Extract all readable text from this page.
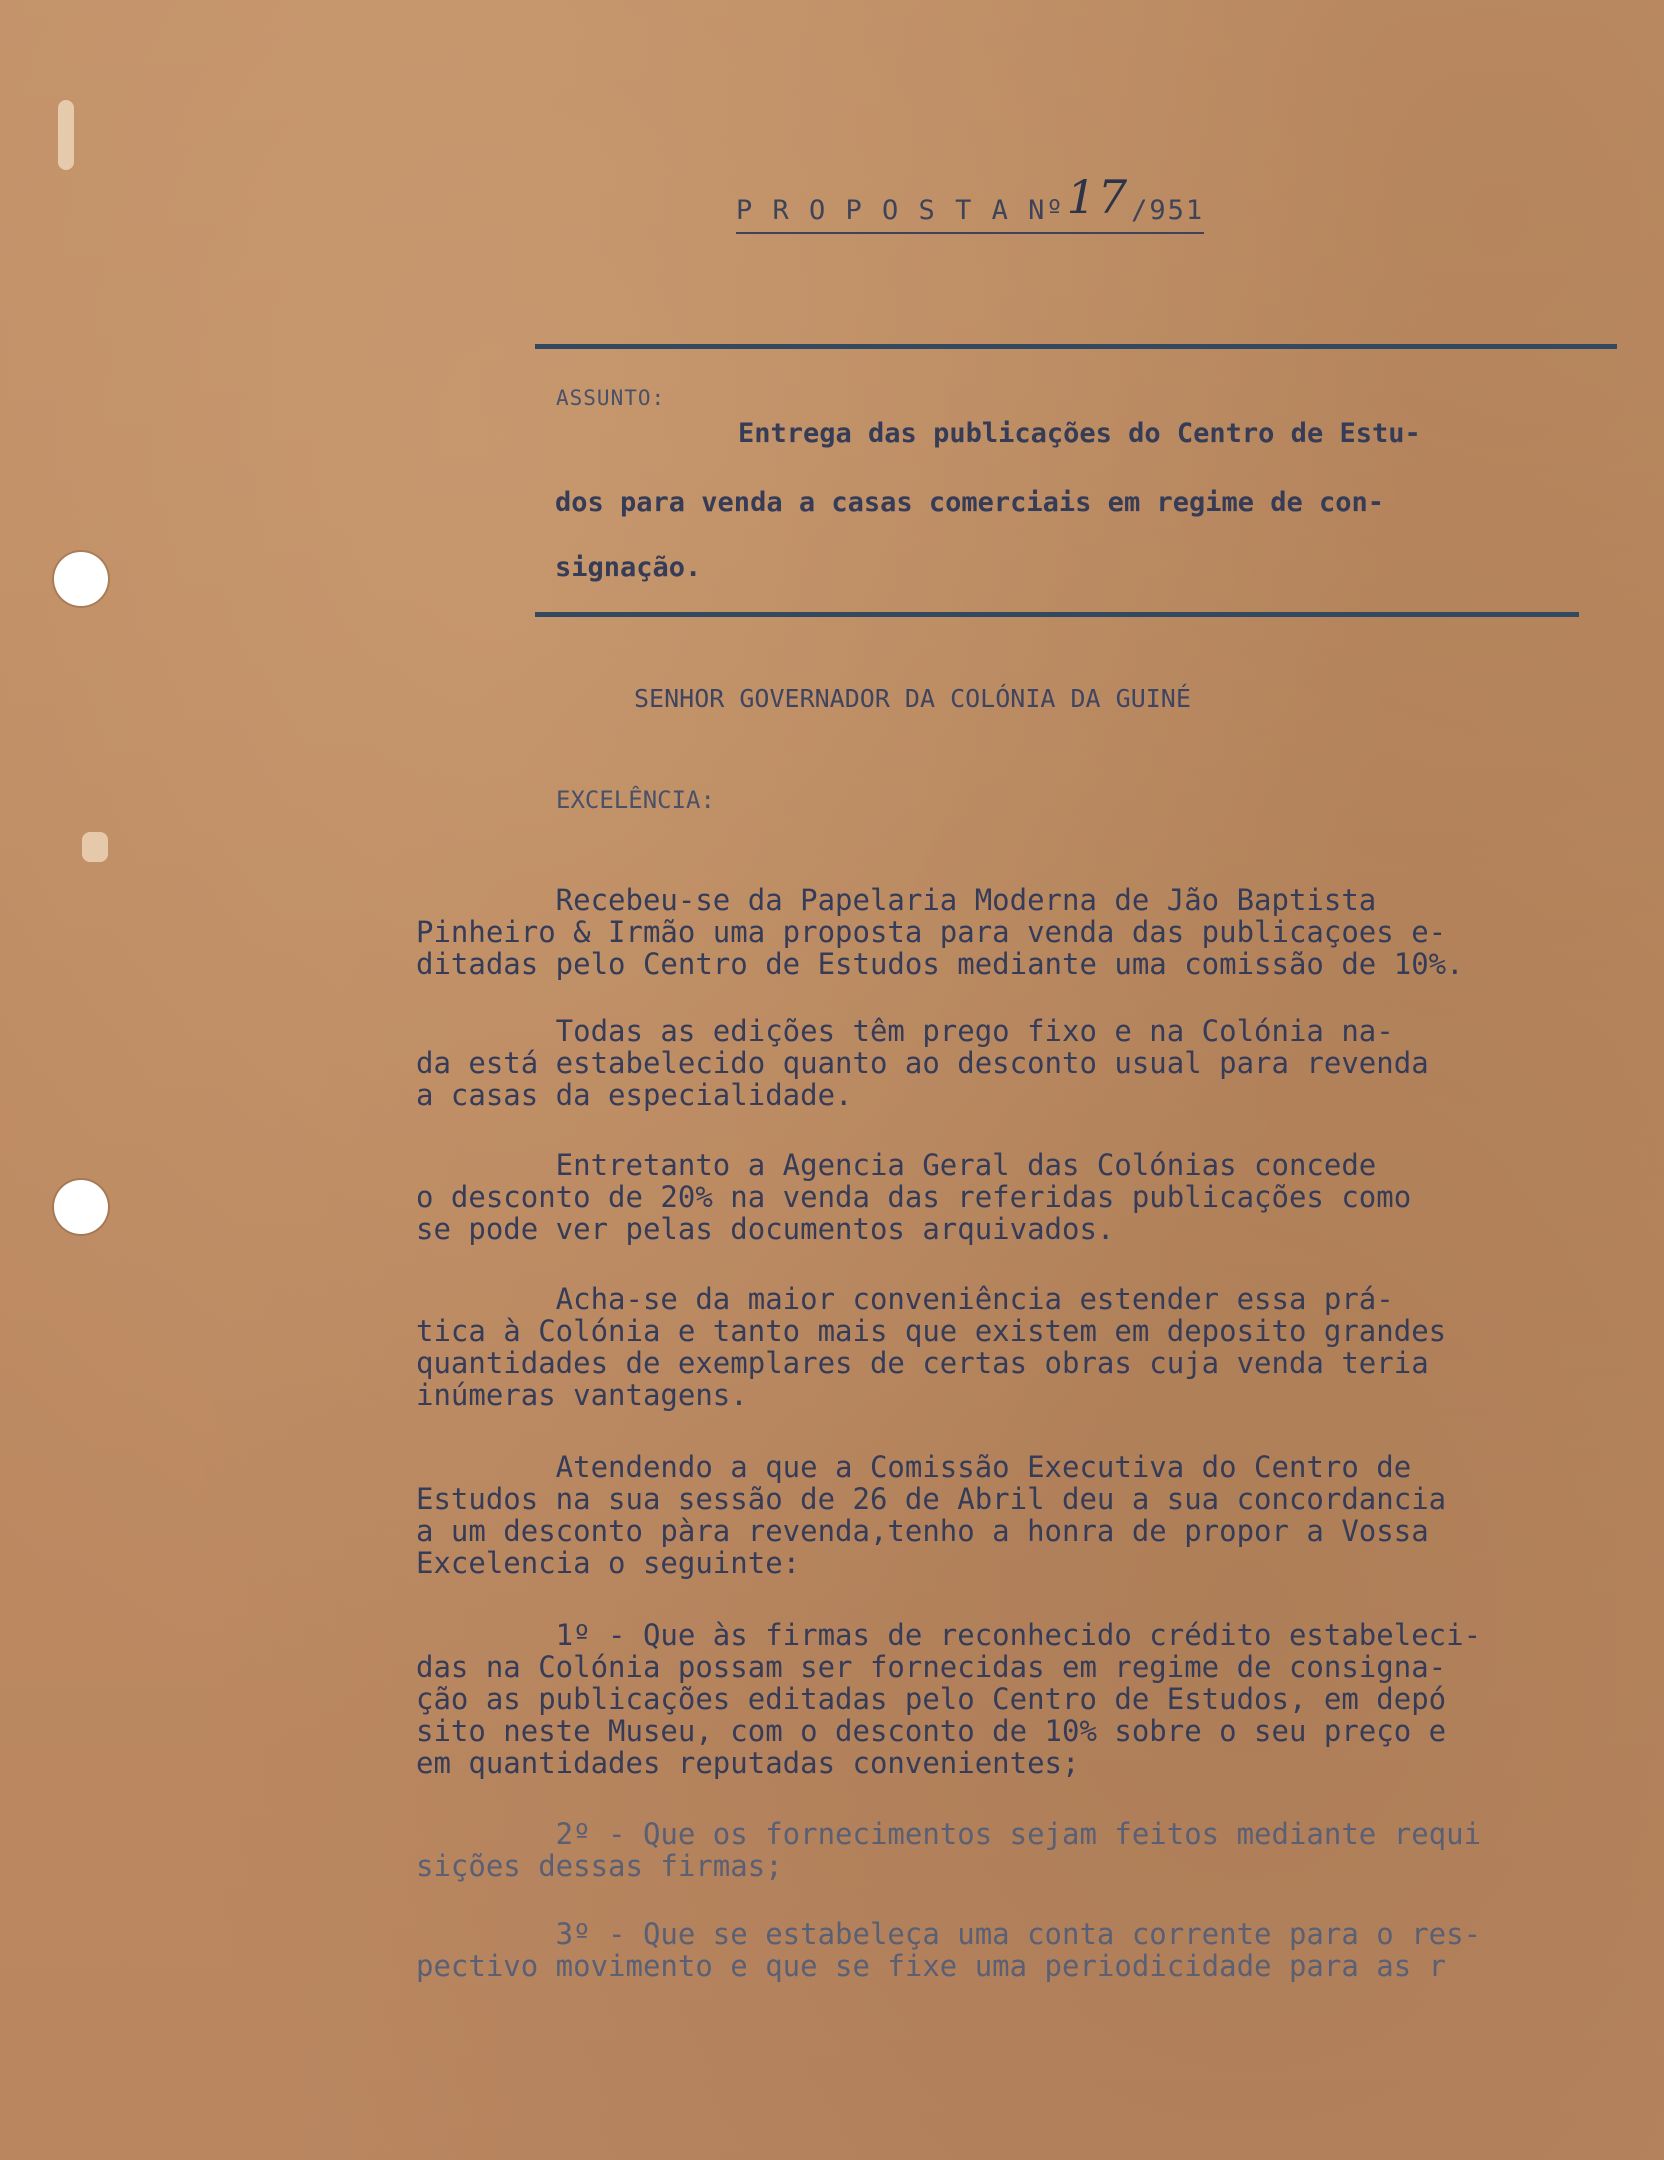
P R O P O S T A Nº17/951
ASSUNTO:
Entrega das publicações do Centro de Estu-
dos para venda a casas comerciais em regime de con-
signação.
SENHOR GOVERNADOR DA COLÓNIA DA GUINÉ
EXCELÊNCIA:
Recebeu-se da Papelaria Moderna de Jão Baptista
Pinheiro & Irmão uma proposta para venda das publicaçoes e-
ditadas pelo Centro de Estudos mediante uma comissão de 10%.
Todas as edições têm prego fixo e na Colónia na-
da está estabelecido quanto ao desconto usual para revenda
a casas da especialidade.
Entretanto a Agencia Geral das Colónias concede
o desconto de 20% na venda das referidas publicações como
se pode ver pelas documentos arquivados.
Acha-se da maior conveniência estender essa prá-
tica à Colónia e tanto mais que existem em deposito grandes
quantidades de exemplares de certas obras cuja venda teria
inúmeras vantagens.
Atendendo a que a Comissão Executiva do Centro de
Estudos na sua sessão de 26 de Abril deu a sua concordancia
a um desconto pàra revenda,tenho a honra de propor a Vossa
Excelencia o seguinte:
1º - Que às firmas de reconhecido crédito estabeleci-
das na Colónia possam ser fornecidas em regime de consigna-
ção as publicações editadas pelo Centro de Estudos, em depó
sito neste Museu, com o desconto de 10% sobre o seu preço e
em quantidades reputadas convenientes;
2º - Que os fornecimentos sejam feitos mediante requi
sições dessas firmas;
3º - Que se estabeleça uma conta corrente para o res-
pectivo movimento e que se fixe uma periodicidade para as r
